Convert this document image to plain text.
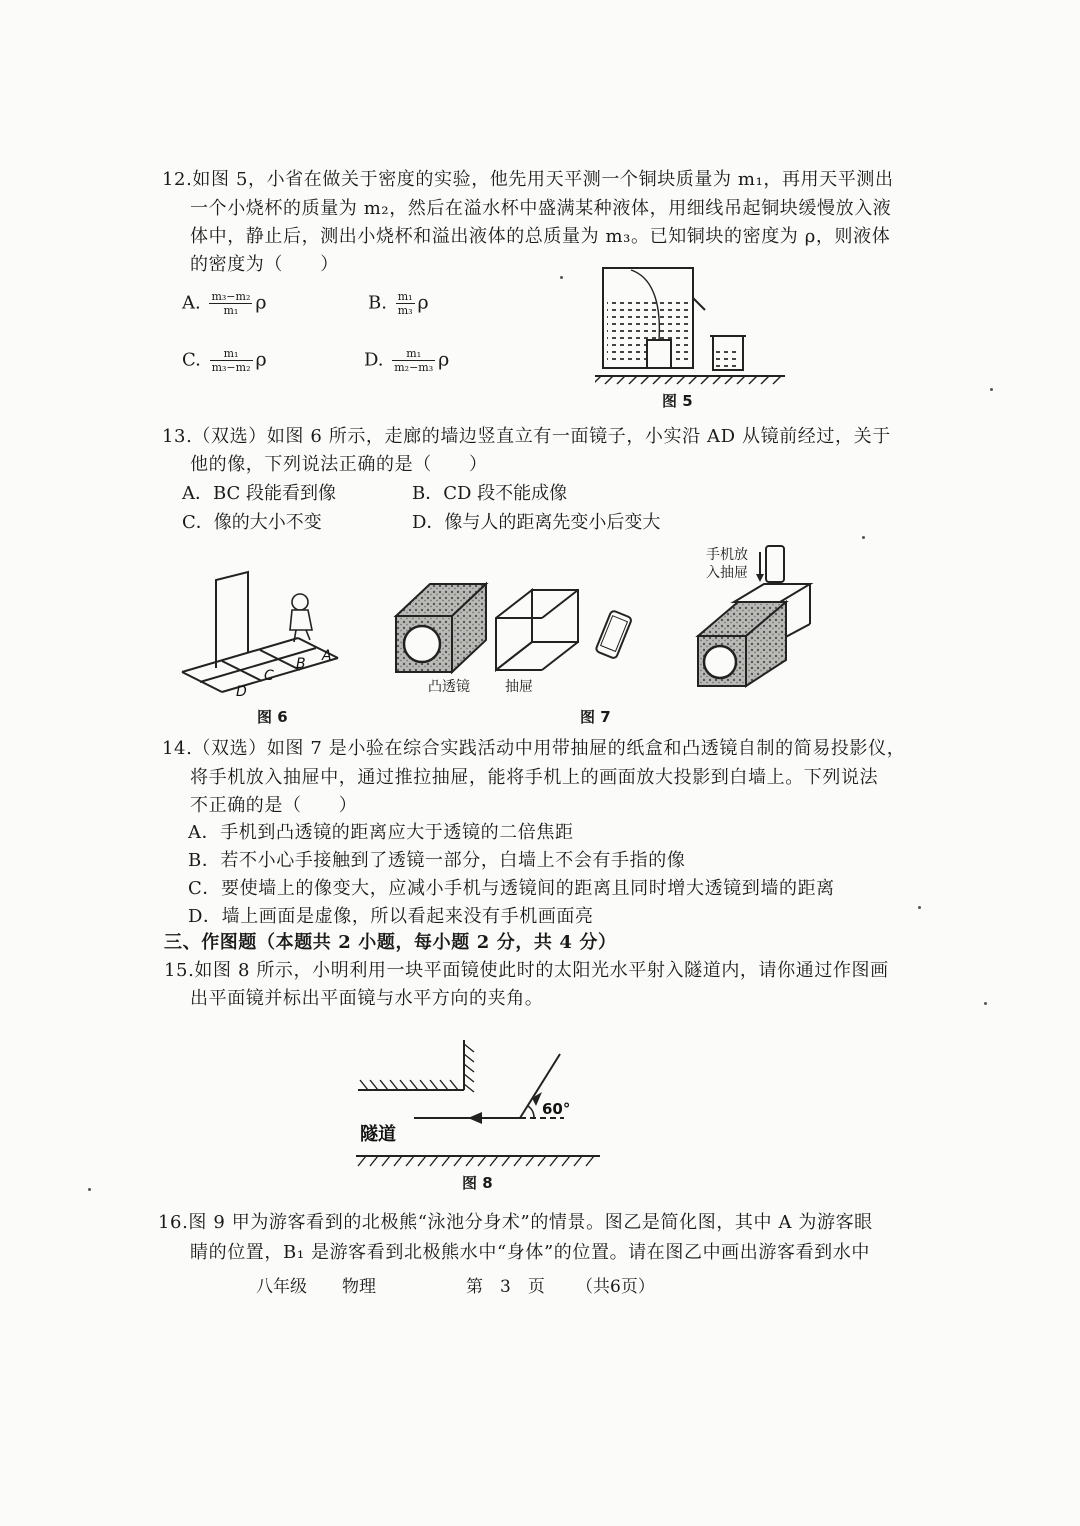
12.如图 5，小省在做关于密度的实验，他先用天平测一个铜块质量为 m₁，再用天平测出
一个小烧杯的质量为 m₂，然后在溢水杯中盛满某种液体，用细线吊起铜块缓慢放入液
体中，静止后，测出小烧杯和溢出液体的总质量为 m₃。已知铜块的密度为 ρ，则液体
的密度为（　　）
A. $\frac{\text{m₃−m₂}}{\text{m₁}}$ ρ	B. $\frac{\text{m₁}}{\text{m₃}}$ ρ
C. $\frac{\text{m₁}}{\text{m₃−m₂}}$ ρ	D. $\frac{\text{m₁}}{\text{m₂−m₃}}$ ρ
图 5
13.（双选）如图 6 所示，走廊的墙边竖直立有一面镜子，小实沿 AD 从镜前经过，关于
他的像，下列说法正确的是（　　）
A．BC 段能看到像	B．CD 段不能成像
C．像的大小不变	D．像与人的距离先变小后变大
A
B
C
D
图 6
凸透镜	抽屉
手机放
入抽屉
图 7
14.（双选）如图 7 是小验在综合实践活动中用带抽屉的纸盒和凸透镜自制的简易投影仪，
将手机放入抽屉中，通过推拉抽屉，能将手机上的画面放大投影到白墙上。下列说法
不正确的是（　　）
A．手机到凸透镜的距离应大于透镜的二倍焦距
B．若不小心手接触到了透镜一部分，白墙上不会有手指的像
C．要使墙上的像变大，应减小手机与透镜间的距离且同时增大透镜到墙的距离
D．墙上画面是虚像，所以看起来没有手机画面亮
三、作图题（本题共 2 小题，每小题 2 分，共 4 分）
15.如图 8 所示，小明利用一块平面镜使此时的太阳光水平射入隧道内，请你通过作图画
出平面镜并标出平面镜与水平方向的夹角。
60°
隧道
图 8
16.图 9 甲为游客看到的北极熊“泳池分身术”的情景。图乙是简化图，其中 A 为游客眼
睛的位置，B₁ 是游客看到北极熊水中“身体”的位置。请在图乙中画出游客看到水中
八年级 物理	第　3　页 （共6页）
